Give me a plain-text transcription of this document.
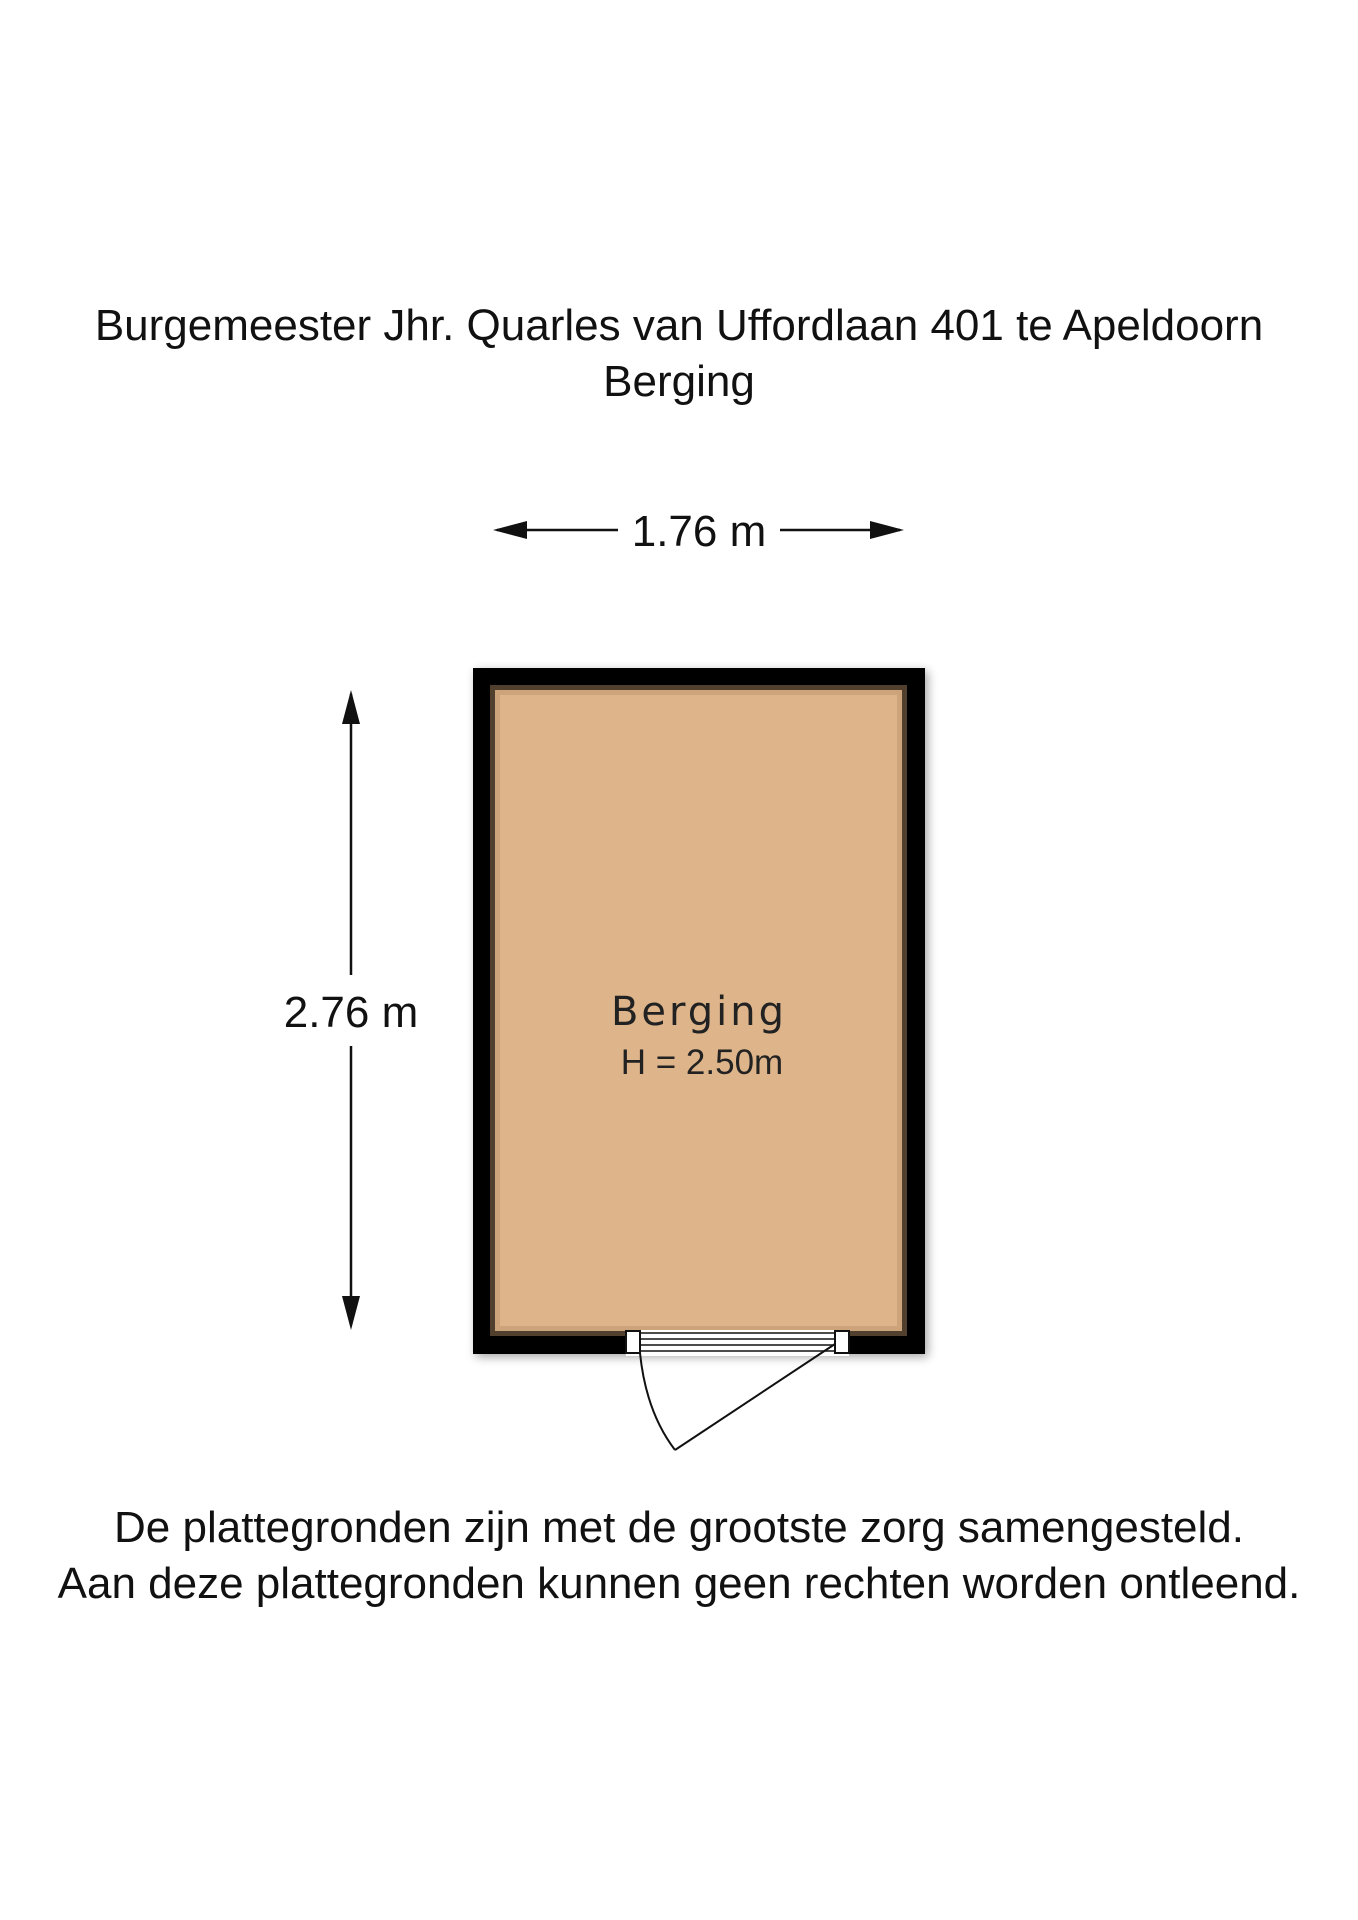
Burgemeester Jhr. Quarles van Uffordlaan 401 te Apeldoorn
Berging
1.76 m
2.76 m	Berging
H = 2.50m
De plattegronden zijn met de grootste zorg samengesteld.
Aan deze plattegronden kunnen geen rechten worden ontleend.
